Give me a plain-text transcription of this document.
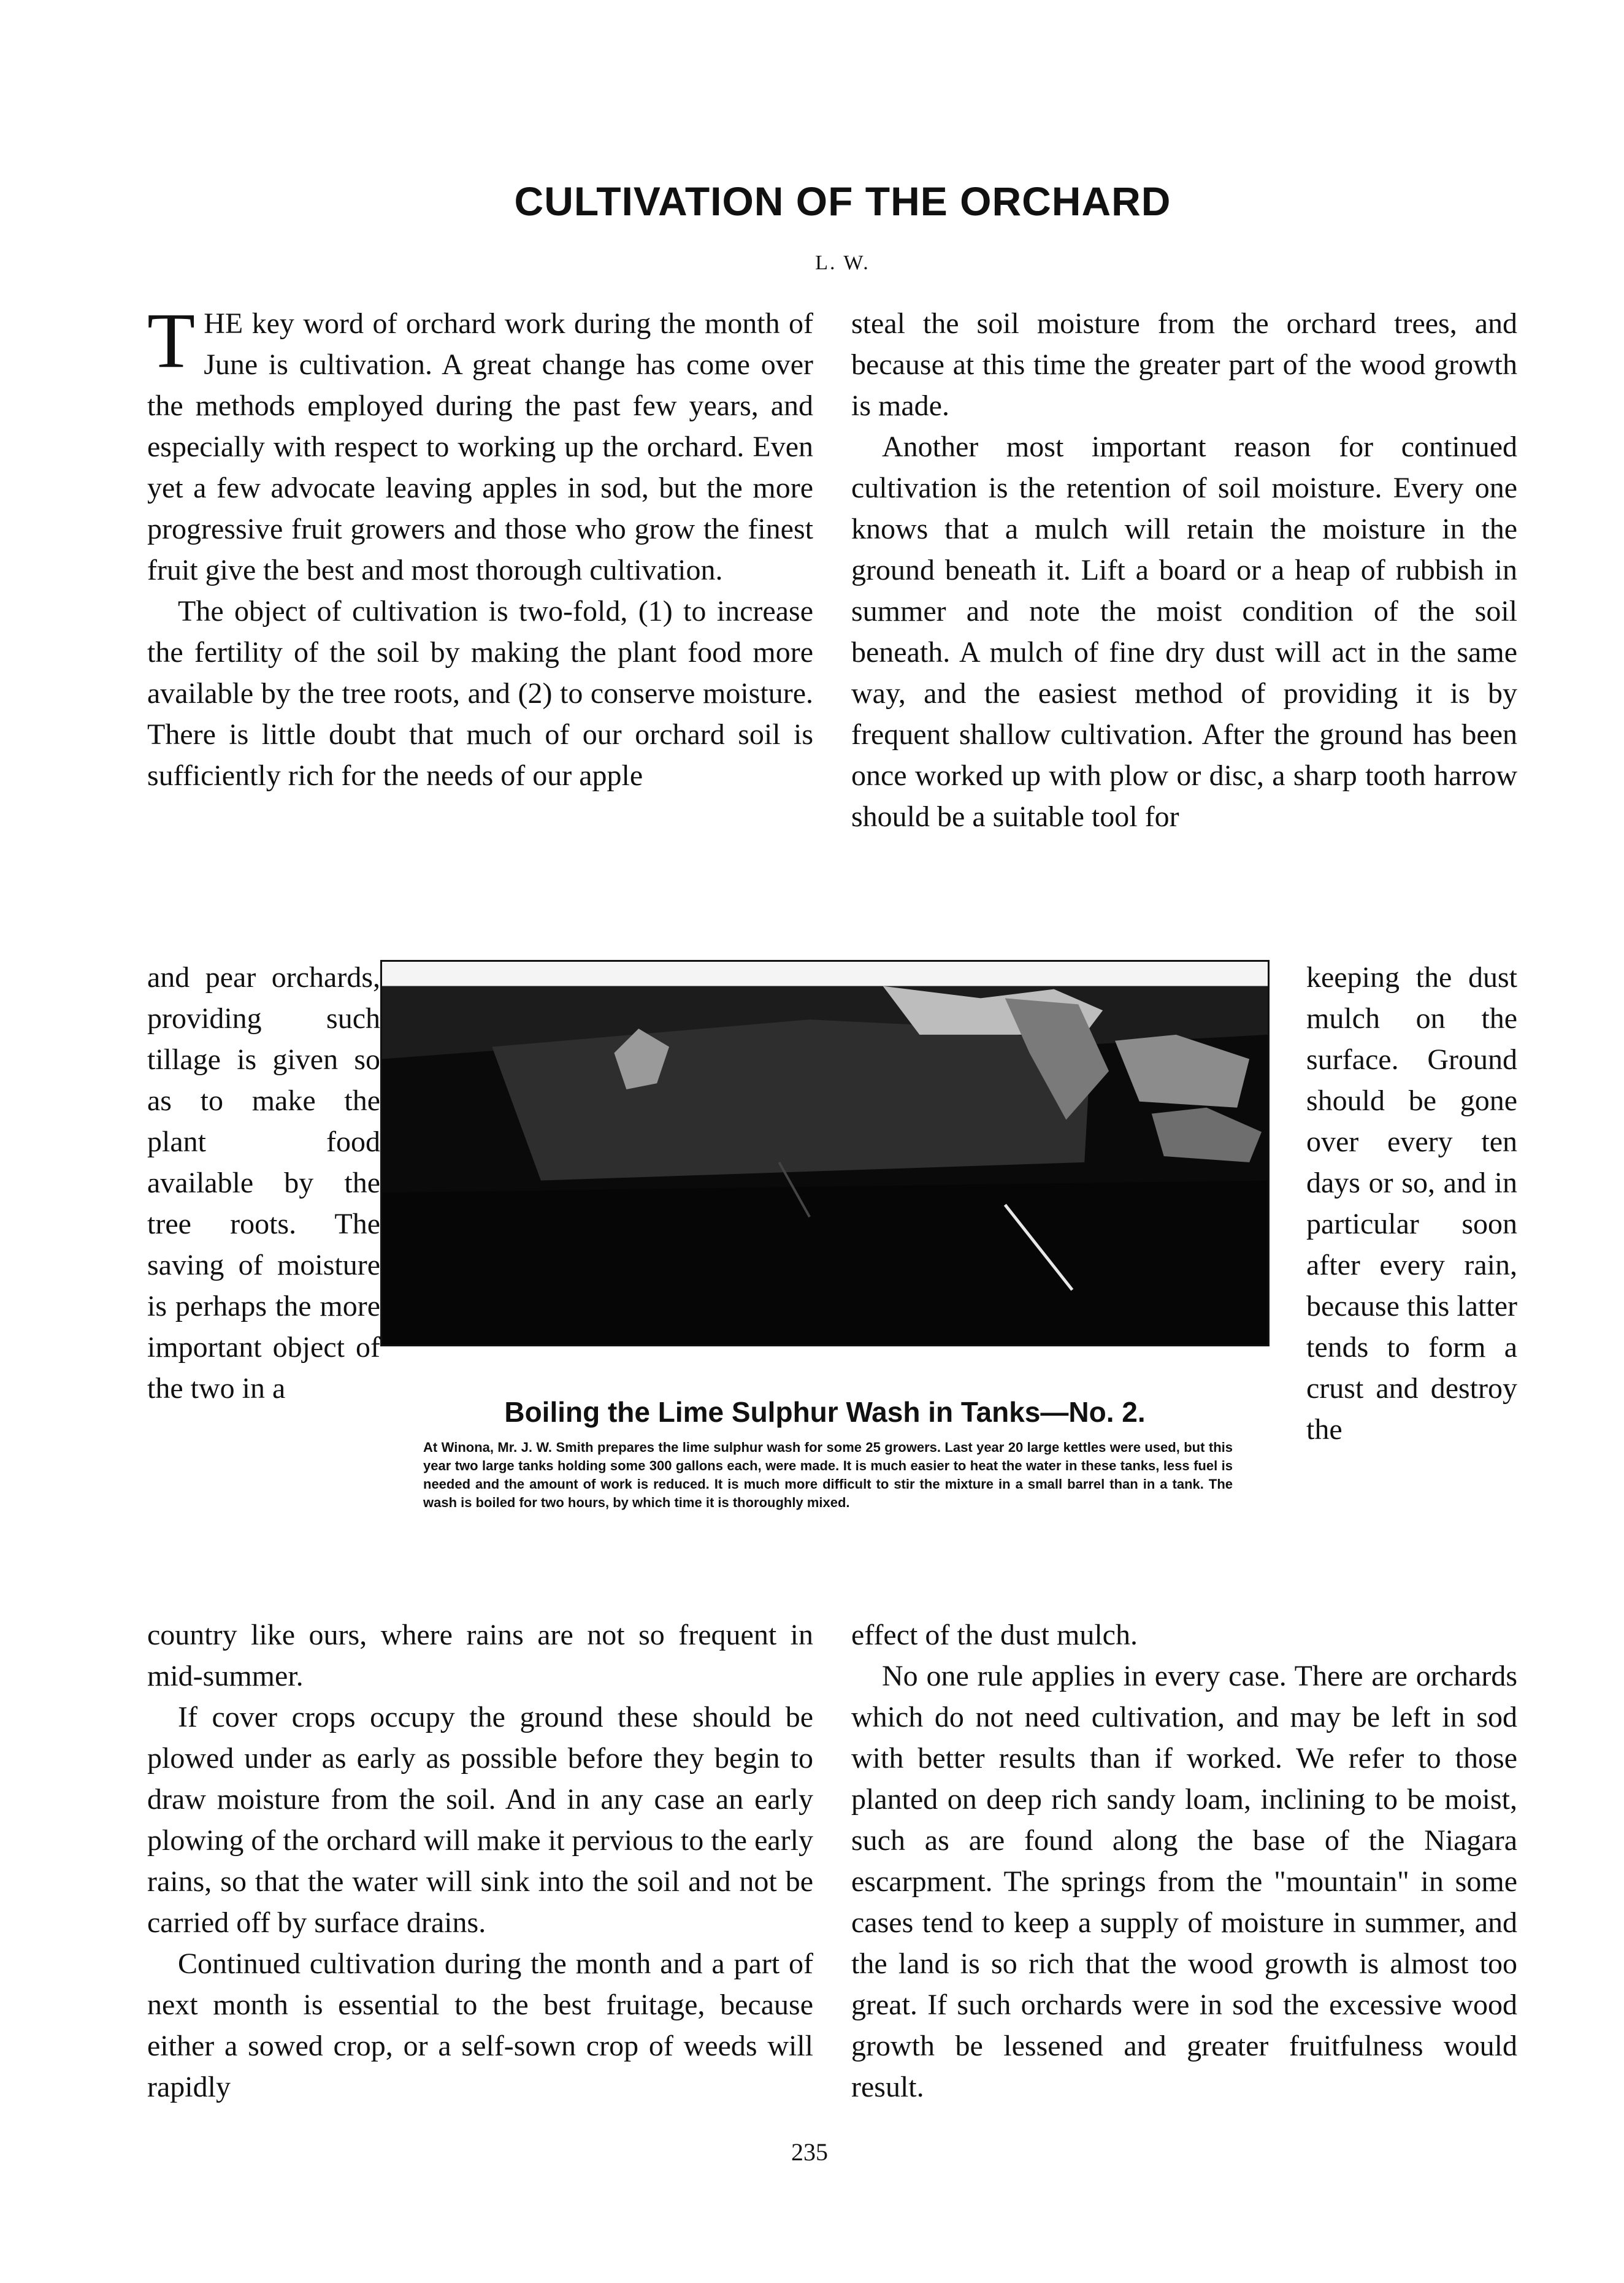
CULTIVATION OF THE ORCHARD
L. W.

THE key word of orchard work during the month of June is cultivation. A great change has come over the methods employed during the past few years, and especially with respect to working up the orchard. Even yet a few advocate leaving apples in sod, but the more progressive fruit growers and those who grow the finest fruit give the best and most thorough cultivation.

The object of cultivation is two-fold, (1) to increase the fertility of the soil by making the plant food more available by the tree roots, and (2) to conserve moisture. There is little doubt that much of our orchard soil is sufficiently rich for the needs of our apple

steal the soil moisture from the orchard trees, and because at this time the greater part of the wood growth is made.

Another most important reason for continued cultivation is the retention of soil moisture. Every one knows that a mulch will retain the moisture in the ground beneath it. Lift a board or a heap of rubbish in summer and note the moist condition of the soil beneath. A mulch of fine dry dust will act in the same way, and the easiest method of providing it is by frequent shallow cultivation. After the ground has been once worked up with plow or disc, a sharp tooth harrow should be a suitable tool for

and pear orchards, providing such tillage is given so as to make the plant food available by the tree roots. The saving of moisture is perhaps the more important object of the two in a
Boiling the Lime Sulphur Wash in Tanks—No. 2.
At Winona, Mr. J. W. Smith prepares the lime sulphur wash for some 25 growers. Last year 20 large kettles were used, but this year two large tanks holding some 300 gallons each, were made. It is much easier to heat the water in these tanks, less fuel is needed and the amount of work is reduced. It is much more difficult to stir the mixture in a small barrel than in a tank. The wash is boiled for two hours, by which time it is thoroughly mixed.
keeping the dust mulch on the surface. Ground should be gone over every ten days or so, and in particular soon after every rain, because this latter tends to form a crust and destroy the

country like ours, where rains are not so frequent in mid-summer.

If cover crops occupy the ground these should be plowed under as early as possible before they begin to draw moisture from the soil. And in any case an early plowing of the orchard will make it pervious to the early rains, so that the water will sink into the soil and not be carried off by surface drains.

Continued cultivation during the month and a part of next month is essential to the best fruitage, because either a sowed crop, or a self-sown crop of weeds will rapidly

effect of the dust mulch.

No one rule applies in every case. There are orchards which do not need cultivation, and may be left in sod with better results than if worked. We refer to those planted on deep rich sandy loam, inclining to be moist, such as are found along the base of the Niagara escarpment. The springs from the "mountain" in some cases tend to keep a supply of moisture in summer, and the land is so rich that the wood growth is almost too great. If such orchards were in sod the excessive wood growth be lessened and greater fruitfulness would result.

235
